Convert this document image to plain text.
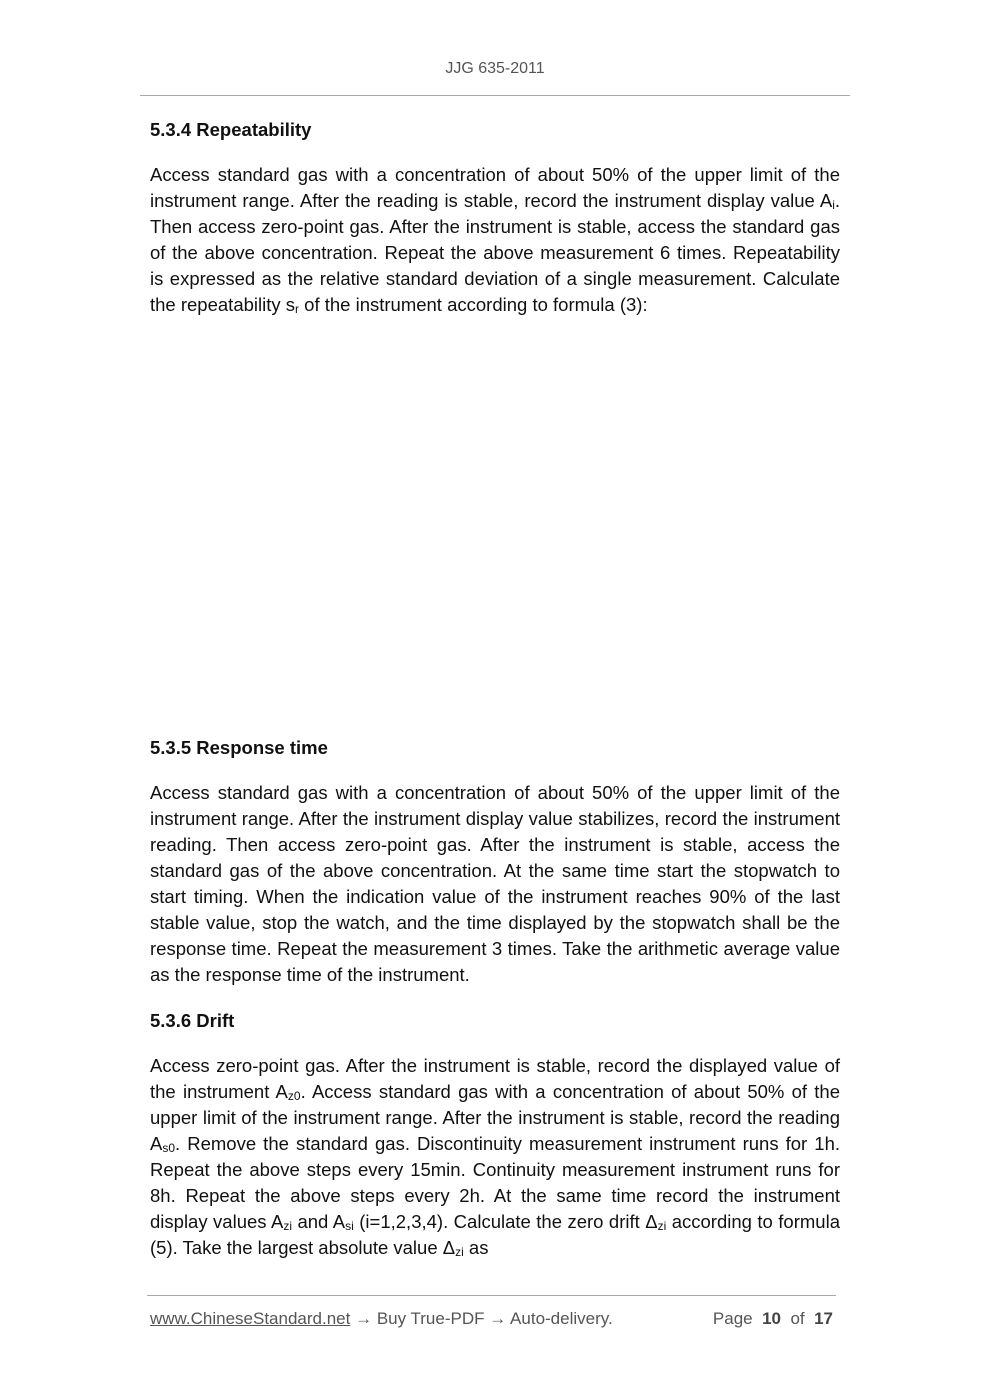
JJG 635-2011
5.3.4 Repeatability

Access standard gas with a concentration of about 50% of the upper limit of the instrument range. After the reading is stable, record the instrument display value $A_i$. Then access zero-point gas. After the instrument is stable, access the standard gas of the above concentration. Repeat the above measurement 6 times. Repeatability is expressed as the relative standard deviation of a single measurement. Calculate the repeatability $s_r$ of the instrument according to formula (3):

5.3.5 Response time

Access standard gas with a concentration of about 50% of the upper limit of the instrument range. After the instrument display value stabilizes, record the instrument reading. Then access zero-point gas. After the instrument is stable, access the standard gas of the above concentration. At the same time start the stopwatch to start timing. When the indication value of the instrument reaches 90% of the last stable value, stop the watch, and the time displayed by the stopwatch shall be the response time. Repeat the measurement 3 times. Take the arithmetic average value as the response time of the instrument.

5.3.6 Drift

Access zero-point gas. After the instrument is stable, record the displayed value of the instrument $A_{z0}$. Access standard gas with a concentration of about 50% of the upper limit of the instrument range. After the instrument is stable, record the reading $A_{s0}$. Remove the standard gas. Discontinuity measurement instrument runs for 1h. Repeat the above steps every 15min. Continuity measurement instrument runs for 8h. Repeat the above steps every 2h. At the same time record the instrument display values $A_{zi}$ and $A_{si}$ (i=1,2,3,4). Calculate the zero drift $\Delta_{zi}$ according to formula (5). Take the largest absolute value $\Delta_{zi}$ as

www.ChineseStandard.net → Buy True-PDF → Auto-delivery.	Page 10 of 17
